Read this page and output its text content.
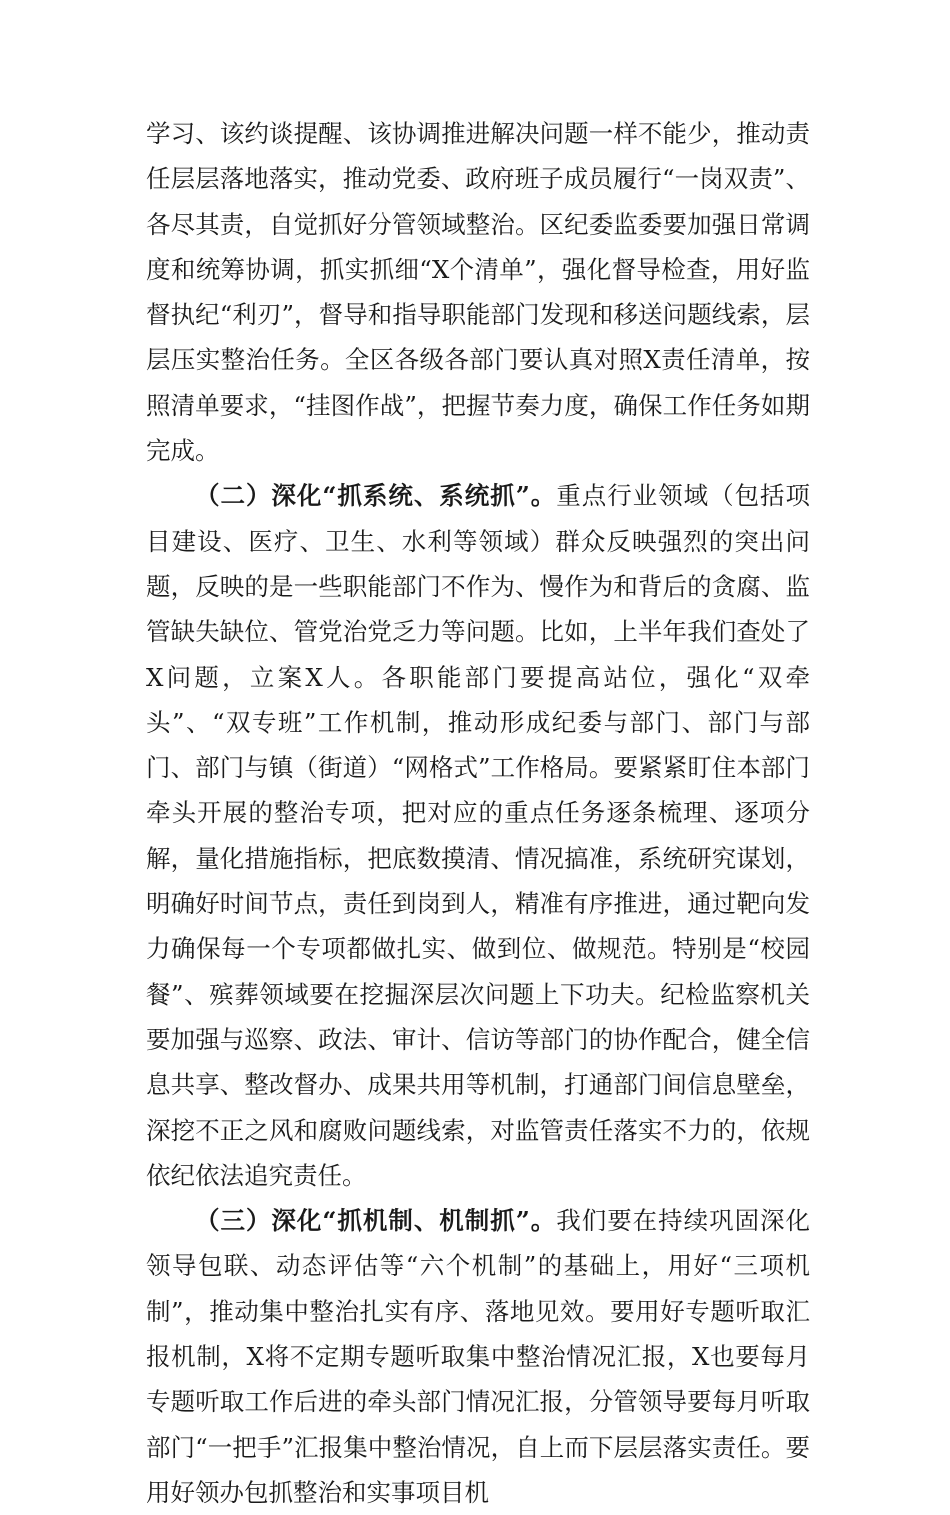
学习、该约谈提醒、该协调推进解决问题一样不能少，推动责任层层落地落实，推动党委、政府班子成员履行“一岗双责”、各尽其责，自觉抓好分管领域整治。区纪委监委要加强日常调度和统筹协调，抓实抓细“X个清单”，强化督导检查，用好监督执纪“利刃”，督导和指导职能部门发现和移送问题线索，层层压实整治任务。全区各级各部门要认真对照X责任清单，按照清单要求，“挂图作战”，把握节奏力度，确保工作任务如期完成。

（二）深化“抓系统、系统抓”。重点行业领域（包括项目建设、医疗、卫生、水利等领域）群众反映强烈的突出问题，反映的是一些职能部门不作为、慢作为和背后的贪腐、监管缺失缺位、管党治党乏力等问题。比如，上半年我们查处了X问题，立案X人。各职能部门要提高站位，强化“双牵头”、“双专班”工作机制，推动形成纪委与部门、部门与部门、部门与镇（街道）“网格式”工作格局。要紧紧盯住本部门牵头开展的整治专项，把对应的重点任务逐条梳理、逐项分解，量化措施指标，把底数摸清、情况搞准，系统研究谋划，明确好时间节点，责任到岗到人，精准有序推进，通过靶向发力确保每一个专项都做扎实、做到位、做规范。特别是“校园餐”、殡葬领域要在挖掘深层次问题上下功夫。纪检监察机关要加强与巡察、政法、审计、信访等部门的协作配合，健全信息共享、整改督办、成果共用等机制，打通部门间信息壁垒，深挖不正之风和腐败问题线索，对监管责任落实不力的，依规依纪依法追究责任。

（三）深化“抓机制、机制抓”。我们要在持续巩固深化领导包联、动态评估等“六个机制”的基础上，用好“三项机制”，推动集中整治扎实有序、落地见效。要用好专题听取汇报机制，X将不定期专题听取集中整治情况汇报，X也要每月专题听取工作后进的牵头部门情况汇报，分管领导要每月听取部门“一把手”汇报集中整治情况，自上而下层层落实责任。要用好领办包抓整治和实事项目机
